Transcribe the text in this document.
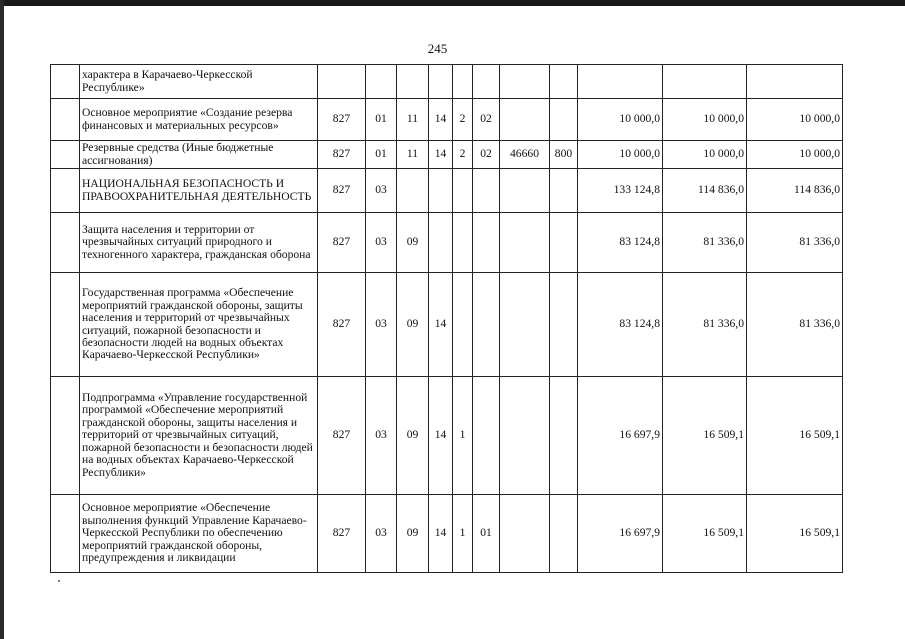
245
	характера в Карачаево-Черкесской Республике»											
	Основное мероприятие «Создание резерва финансовых и материальных ресурсов»	827	01	11	14	2	02			10 000,0	10 000,0	10 000,0
	Резервные средства (Иные бюджетные ассигнования)	827	01	11	14	2	02	46660	800	10 000,0	10 000,0	10 000,0
	НАЦИОНАЛЬНАЯ БЕЗОПАСНОСТЬ И ПРАВООХРАНИТЕЛЬНАЯ ДЕЯТЕЛЬНОСТЬ	827	03							133 124,8	114 836,0	114 836,0
	Защита населения и территории от чрезвычайных ситуаций природного и техногенного характера, гражданская оборона	827	03	09						83 124,8	81 336,0	81 336,0
	Государственная программа «Обеспечение мероприятий гражданской обороны, защиты населения и территорий от чрезвычайных ситуаций, пожарной безопасности и безопасности людей на водных объектах Карачаево-Черкесской Республики»	827	03	09	14					83 124,8	81 336,0	81 336,0
	Подпрограмма «Управление государственной программой «Обеспечение мероприятий гражданской обороны, защиты населения и территорий от чрезвычайных ситуаций, пожарной безопасности и безопасности людей на водных объектах Карачаево-Черкесской Республики»	827	03	09	14	1				16 697,9	16 509,1	16 509,1
	Основное мероприятие «Обеспечение выполнения функций Управление Карачаево-Черкесской Республики по обеспечению мероприятий гражданской обороны, предупреждения и ликвидации	827	03	09	14	1	01			16 697,9	16 509,1	16 509,1
